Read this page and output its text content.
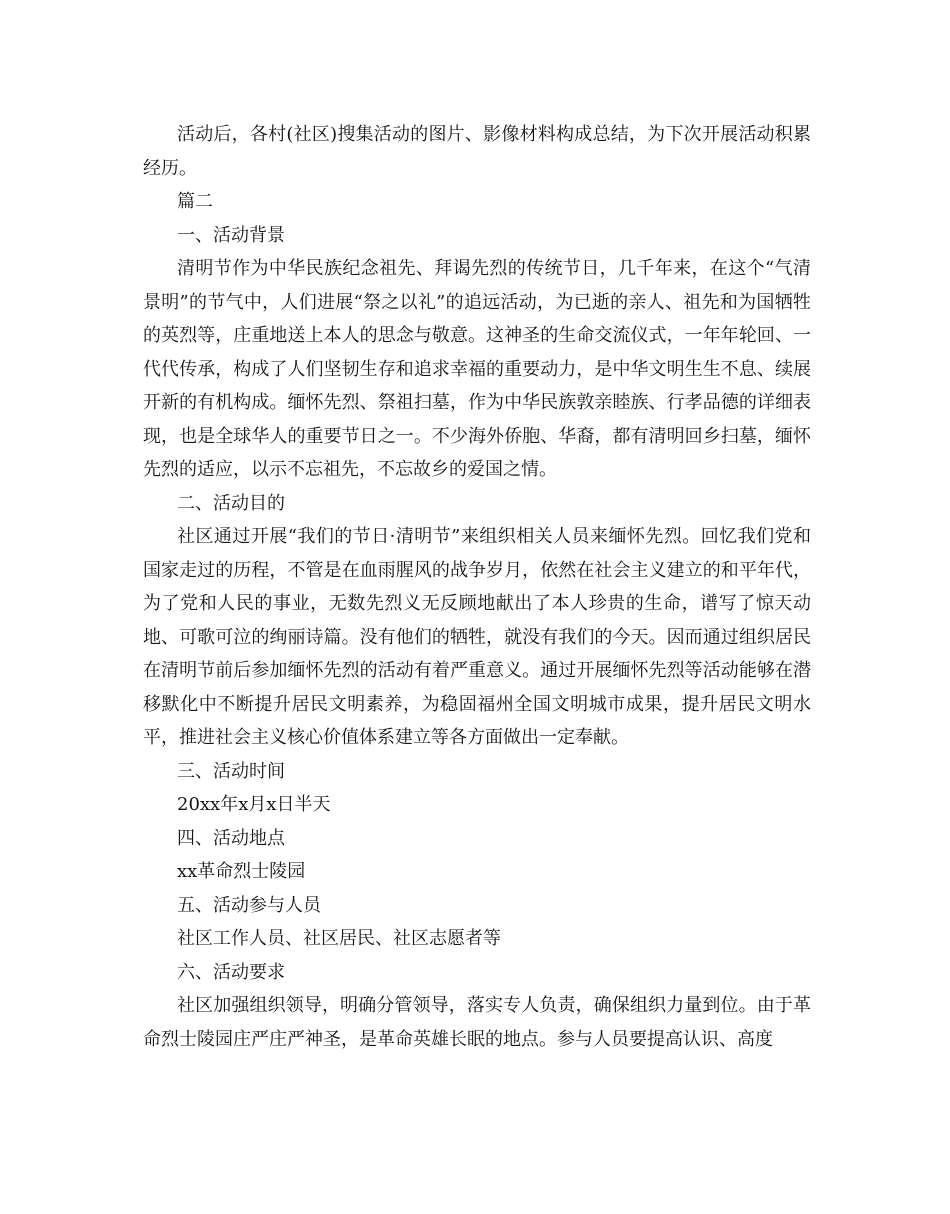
活动后，各村(社区)搜集活动的图片、影像材料构成总结，为下次开展活动积累经历。

篇二

一、活动背景

清明节作为中华民族纪念祖先、拜谒先烈的传统节日，几千年来，在这个“气清景明”的节气中，人们进展“祭之以礼”的追远活动，为已逝的亲人、祖先和为国牺牲的英烈等，庄重地送上本人的思念与敬意。这神圣的生命交流仪式，一年年轮回、一代代传承，构成了人们坚韧生存和追求幸福的重要动力，是中华文明生生不息、续展开新的有机构成。缅怀先烈、祭祖扫墓，作为中华民族敦亲睦族、行孝品德的详细表现，也是全球华人的重要节日之一。不少海外侨胞、华裔，都有清明回乡扫墓，缅怀先烈的适应，以示不忘祖先，不忘故乡的爱国之情。

二、活动目的

社区通过开展“我们的节日·清明节”来组织相关人员来缅怀先烈。回忆我们党和国家走过的历程，不管是在血雨腥风的战争岁月，依然在社会主义建立的和平年代，为了党和人民的事业，无数先烈义无反顾地献出了本人珍贵的生命，谱写了惊天动地、可歌可泣的绚丽诗篇。没有他们的牺牲，就没有我们的今天。因而通过组织居民在清明节前后参加缅怀先烈的活动有着严重意义。通过开展缅怀先烈等活动能够在潜移默化中不断提升居民文明素养，为稳固福州全国文明城市成果，提升居民文明水平，推进社会主义核心价值体系建立等各方面做出一定奉献。

三、活动时间

20xx年x月x日半天

四、活动地点

xx革命烈士陵园

五、活动参与人员

社区工作人员、社区居民、社区志愿者等

六、活动要求

社区加强组织领导，明确分管领导，落实专人负责，确保组织力量到位。由于革命烈士陵园庄严庄严神圣，是革命英雄长眠的地点。参与人员要提高认识、高度
